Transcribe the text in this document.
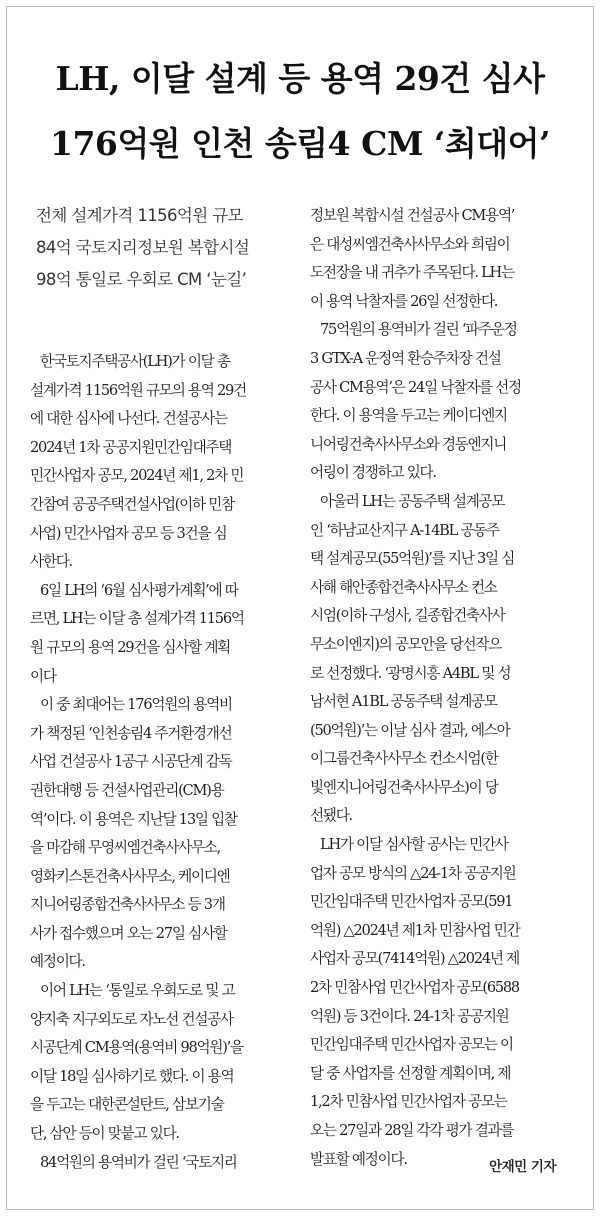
LH, 이달 설계 등 용역 29건 심사
176억원 인천 송림4 CM ‘최대어’
전체 설계가격 1156억원 규모
84억 국토지리정보원 복합시설
98억 통일로 우회로 CM ‘눈길’
한국토지주택공사(LH)가 이달 총
설계가격 1156억원 규모의 용역 29건
에 대한 심사에 나선다. 건설공사는
2024년 1차 공공지원민간임대주택
민간사업자 공모, 2024년 제1, 2차 민
간참여 공공주택건설사업(이하 민참
사업) 민간사업자 공모 등 3건을 심
사한다.
6일 LH의 ‘6월 심사평가계획’에 따
르면, LH는 이달 총 설계가격 1156억
원 규모의 용역 29건을 심사할 계획
이다
이 중 최대어는 176억원의 용역비
가 책정된 ‘인천송림4 주거환경개선
사업 건설공사 1공구 시공단계 감독
권한대행 등 건설사업관리(CM)용
역’이다. 이 용역은 지난달 13일 입찰
을 마감해 무영씨엠건축사사무소,
영화키스톤건축사사무소, 케이디엔
지니어링종합건축사사무소 등 3개
사가 접수했으며 오는 27일 심사할
예정이다.
이어 LH는 ‘통일로 우회도로 및 고
양지축 지구외도로 자노선 건설공사
시공단계 CM용역(용역비 98억원)’을
이달 18일 심사하기로 했다. 이 용역
을 두고는 대한콘설탄트, 삼보기술
단, 삼안 등이 맞붙고 있다.
84억원의 용역비가 걸린 ‘국토지리
정보원 복합시설 건설공사 CM용역’
은 대성씨엠건축사사무소와 희림이
도전장을 내 귀추가 주목된다. LH는
이 용역 낙찰자를 26일 선정한다.
75억원의 용역비가 걸린 ‘파주운정
3 GTX-A 운정역 환승주차장 건설
공사 CM용역’은 24일 낙찰자를 선정
한다. 이 용역을 두고는 케이디엔지
니어링건축사사무소와 경동엔지니
어링이 경쟁하고 있다.
아울러 LH는 공동주택 설계공모
인 ‘하남교산지구 A-14BL 공동주
택 설계공모(55억원)’를 지난 3일 심
사해 해안종합건축사사무소 컨소
시엄(이하 구성사, 길종합건축사사
무소이엔지)의 공모안을 당선작으
로 선정했다. ‘광명시흥 A4BL 및 성
남서현 A1BL 공동주택 설계공모
(50억원)’는 이날 심사 결과, 에스아
이그룹건축사사무소 컨소시엄(한
빛엔지니어링건축사사무소)이 당
선됐다.
LH가 이달 심사할 공사는 민간사
업자 공모 방식의 △24-1차 공공지원
민간임대주택 민간사업자 공모(591
억원) △2024년 제1차 민참사업 민간
사업자 공모(7414억원) △2024년 제
2차 민참사업 민간사업자 공모(6588
억원) 등 3건이다. 24-1차 공공지원
민간임대주택 민간사업자 공모는 이
달 중 사업자를 선정할 계획이며, 제
1,2차 민참사업 민간사업자 공모는
오는 27일과 28일 각각 평가 결과를
발표할 예정이다.	안재민 기자
